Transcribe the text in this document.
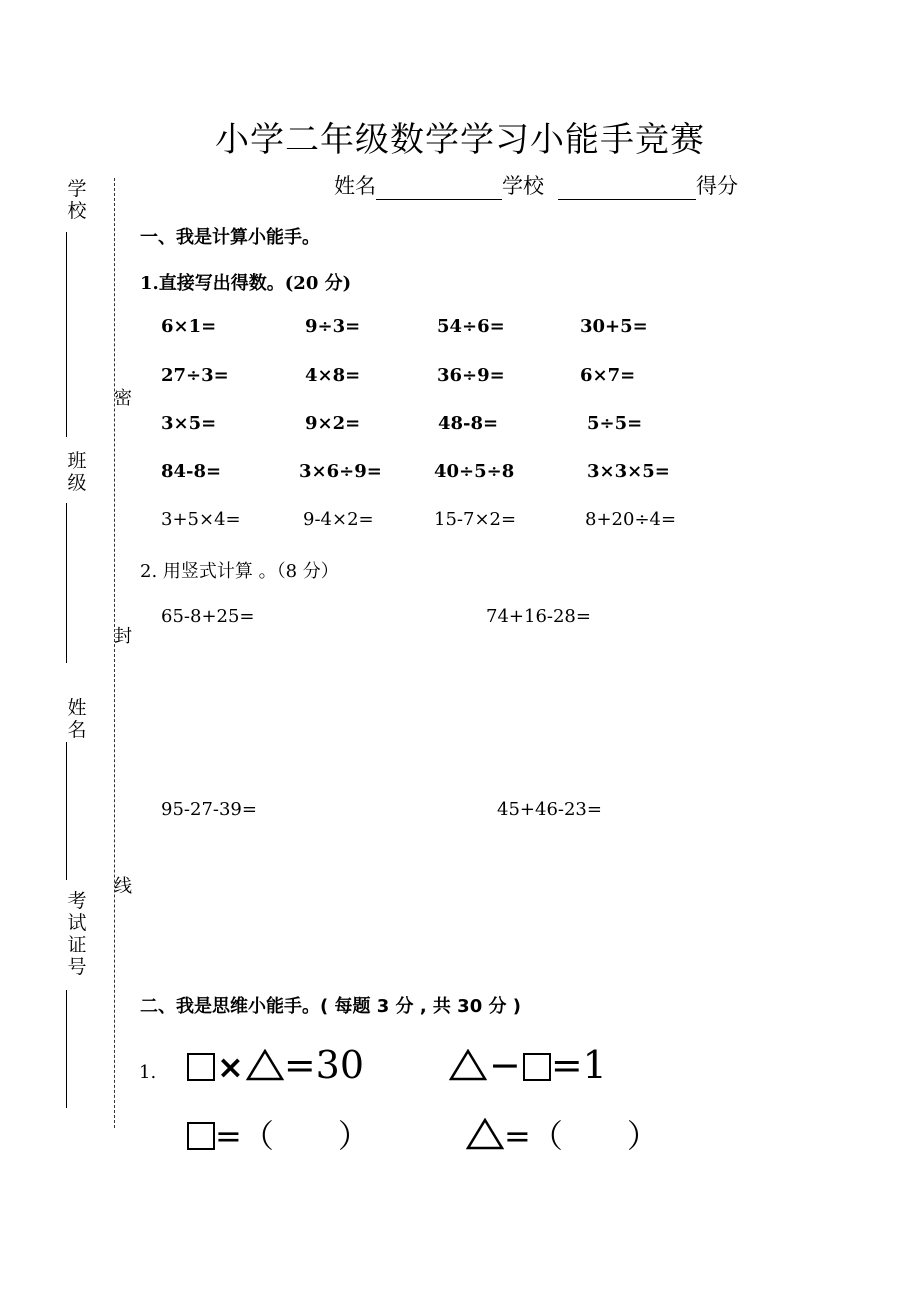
小学二年级数学学习小能手竞赛
姓名	学校	得分
学校
班级
姓名
考试证号
密
封
线
一、我是计算小能手。
1.直接写出得数。(20 分)
6×1=	9÷3=	54÷6=	30+5=
27÷3=	4×8=	36÷9=	6×7=
3×5=	9×2=	48-8=	5÷5=
84-8=	3×6÷9=	40÷5÷8	3×3×5=
3+5×4=	9-4×2=	15-7×2=	8+20÷4=
2. 用竖式计算 。（8 分）
65-8+25=	74+16-28=
95-27-39=	45+46-23=
二、我是思维小能手。( 每题 3 分 , 共 30 分 )
1.	× =30	− =1
=（　　）	=（　　）
